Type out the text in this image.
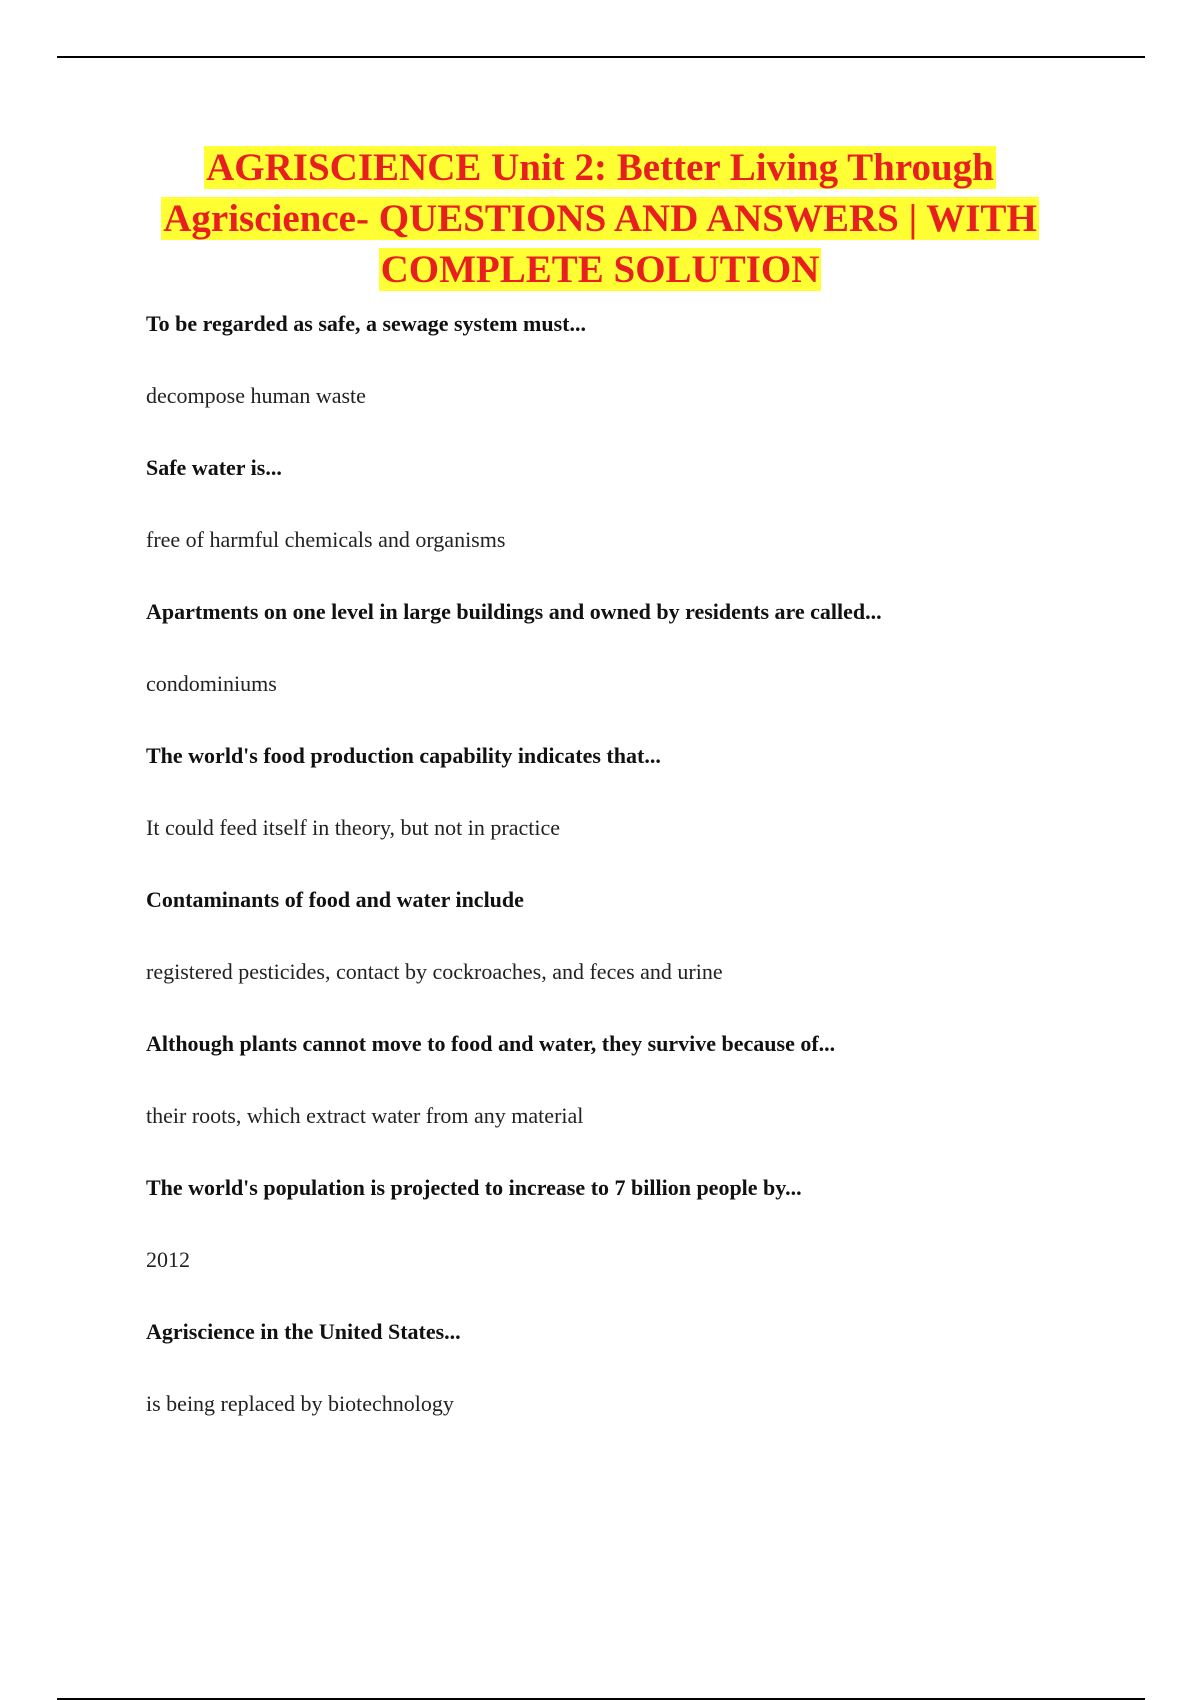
AGRISCIENCE Unit 2: Better Living Through Agriscience- QUESTIONS AND ANSWERS | WITH COMPLETE SOLUTION

To be regarded as safe, a sewage system must...

decompose human waste

Safe water is...

free of harmful chemicals and organisms

Apartments on one level in large buildings and owned by residents are called...

condominiums

The world's food production capability indicates that...

It could feed itself in theory, but not in practice

Contaminants of food and water include

registered pesticides, contact by cockroaches, and feces and urine

Although plants cannot move to food and water, they survive because of...

their roots, which extract water from any material

The world's population is projected to increase to 7 billion people by...

2012

Agriscience in the United States...

is being replaced by biotechnology
